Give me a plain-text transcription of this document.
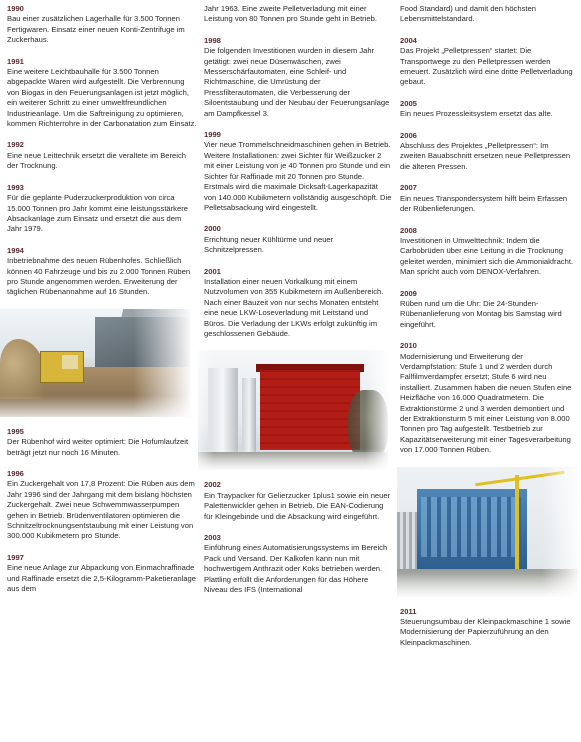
1990
Bau einer zusätzlichen Lagerhalle für 3.500 Tonnen Fertigwaren. Einsatz einer neuen Konti-Zentrifuge im Zuckerhaus.
1991
Eine weitere Leichtbauhalle für 3.500 Tonnen abgepackte Waren wird aufgestellt. Die Verbrennung von Biogas in den Feuerungsanlagen ist jetzt möglich, ein weiterer Schritt zu einer umweltfreundlichen Industrieanlage. Um die Saftreinigung zu optimieren, kommen Richterrohre in der Carbonatation zum Einsatz.
1992
Eine neue Leittechnik ersetzt die veraltete im Bereich der Trocknung.
1993
Für die geplante Puderzuckerproduktion von circa 15.000 Tonnen pro Jahr kommt eine leistungsstärkere Absackanlage zum Einsatz und ersetzt die aus dem Jahr 1979.
1994
Inbetriebnahme des neuen Rübenhofes. Schließlich können 40 Fahrzeuge und bis zu 2.000 Tonnen Rüben pro Stunde angenommen werden. Erweiterung der täglichen Rübenannahme auf 16 Stunden.
1995
Der Rübenhof wird weiter optimiert: Die Hofumlaufzeit beträgt jetzt nur noch 16 Minuten.
1996
Ein Zuckergehalt von 17,8 Prozent: Die Rüben aus dem Jahr 1996 sind der Jahrgang mit dem bislang höchsten Zuckergehalt. Zwei neue Schwemmwasserpumpen gehen in Betrieb. Brüdenventilatoren optimieren die Schnitzeltrocknungsentstaubung mit einer Leistung von 300.000 Kubikmetern pro Stunde.
1997
Eine neue Anlage zur Abpackung von Einmachraffinade und Raffinade ersetzt die 2,5-Kilogramm-Paketieranlage aus dem
Jahr 1963. Eine zweite Pelletverladung mit einer Leistung von 80 Tonnen pro Stunde geht in Betrieb.
1998
Die folgenden Investitionen wurden in diesem Jahr getätigt: zwei neue Düsenwäschen, zwei Messerschärfautomaten, eine Schleif- und Richtmaschine, die Umrüstung der Pressfilterautomaten, die Verbesserung der Siloentstaubung und der Neubau der Feuerungsanlage am Dampfkessel 3.
1999
Vier neue Trommelschneidmaschinen gehen in Betrieb. Weitere Installationen: zwei Sichter für Weißzucker 2 mit einer Leistung von je 40 Tonnen pro Stunde und ein Sichter für Raffinade mit 20 Tonnen pro Stunde. Erstmals wird die maximale Dicksaft-Lagerkapazität von 140.000 Kubikmetern vollständig ausgeschöpft. Die Pelletsabsackung wird eingestellt.
2000
Errichtung neuer Kühltürme und neuer Schnitzelpressen.
2001
Installation einer neuen Vorkalkung mit einem Nutzvolumen von 355 Kubikmetern im Außenbereich. Nach einer Bauzeit von nur sechs Monaten entsteht eine neue LKW-Loseverladung mit Leitstand und Büros. Die Verladung der LKWs erfolgt zukünftig im geschlossenen Gebäude.
2002
Ein Traypacker für Gelierzucker 1plus1 sowie ein neuer Palettenwickler gehen in Betrieb. Die EAN-Codierung für Kleingebinde und die Absackung wird eingeführt.
2003
Einführung eines Automatisierungssystems im Bereich Pack und Versand. Der Kalkofen kann nun mit hochwertigem Anthrazit oder Koks betrieben werden. Plattling erfüllt die Anforderungen für das Höhere Niveau des IFS (International
Food Standard) und damit den höchsten Lebensmittelstandard.
2004
Das Projekt „Pelletpressen“ startet: Die Transportwege zu den Pelletpressen werden erneuert. Zusätzlich wird eine dritte Pelletverladung gebaut.
2005
Ein neues Prozessleitsystem ersetzt das alte.
2006
Abschluss des Projektes „Pelletpressen“: Im zweiten Bauabschnitt ersetzen neue Pelletpressen die älteren Pressen.
2007
Ein neues Transpondersystem hilft beim Erfassen der Rübenlieferungen.
2008
Investitionen in Umwelttechnik: Indem die Carbobrüden über eine Leitung in die Trocknung geleitet werden, minimiert sich die Ammoniakfracht. Man spricht auch vom DENOX-Verfahren.
2009
Rüben rund um die Uhr: Die 24-Stunden-Rübenanlieferung von Montag bis Samstag wird eingeführt.
2010
Modernisierung und Erweiterung der Verdampfstation: Stufe 1 und 2 werden durch Fallfilmverdampfer ersetzt; Stufe 6 wird neu installiert. Zusammen haben die neuen Stufen eine Heizfläche von 16.000 Quadratmetern. Die Extraktionstürme 2 und 3 werden demontiert und der Extraktionsturm 5 mit einer Leistung von 8.000 Tonnen pro Tag aufgestellt. Testbetrieb zur Kapazitätserweiterung mit einer Tagesverarbeitung von 17.000 Tonnen Rüben.
2011
Steuerungsumbau der Kleinpackmaschine 1 sowie Modernisierung der Papierzuführung an den Kleinpackmaschinen.
